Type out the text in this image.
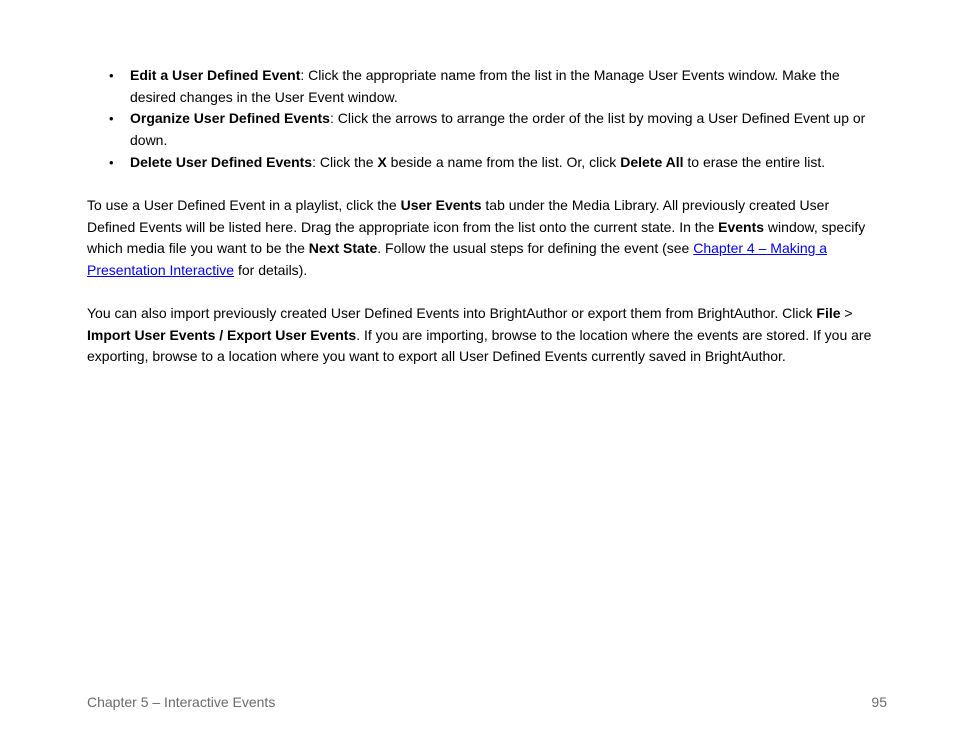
•	Edit a User Defined Event: Click the appropriate name from the list in the Manage User Events window. Make the desired changes in the User Event window.
•	Organize User Defined Events: Click the arrows to arrange the order of the list by moving a User Defined Event up or down.
•	Delete User Defined Events: Click the X beside a name from the list. Or, click Delete All to erase the entire list.

To use a User Defined Event in a playlist, click the User Events tab under the Media Library. All previously created User Defined Events will be listed here. Drag the appropriate icon from the list onto the current state. In the Events window, specify which media file you want to be the Next State. Follow the usual steps for defining the event (see Chapter 4 – Making a Presentation Interactive for details).

You can also import previously created User Defined Events into BrightAuthor or export them from BrightAuthor. Click File > Import User Events / Export User Events. If you are importing, browse to the location where the events are stored. If you are exporting, browse to a location where you want to export all User Defined Events currently saved in BrightAuthor.

Chapter 5 – Interactive Events	95
